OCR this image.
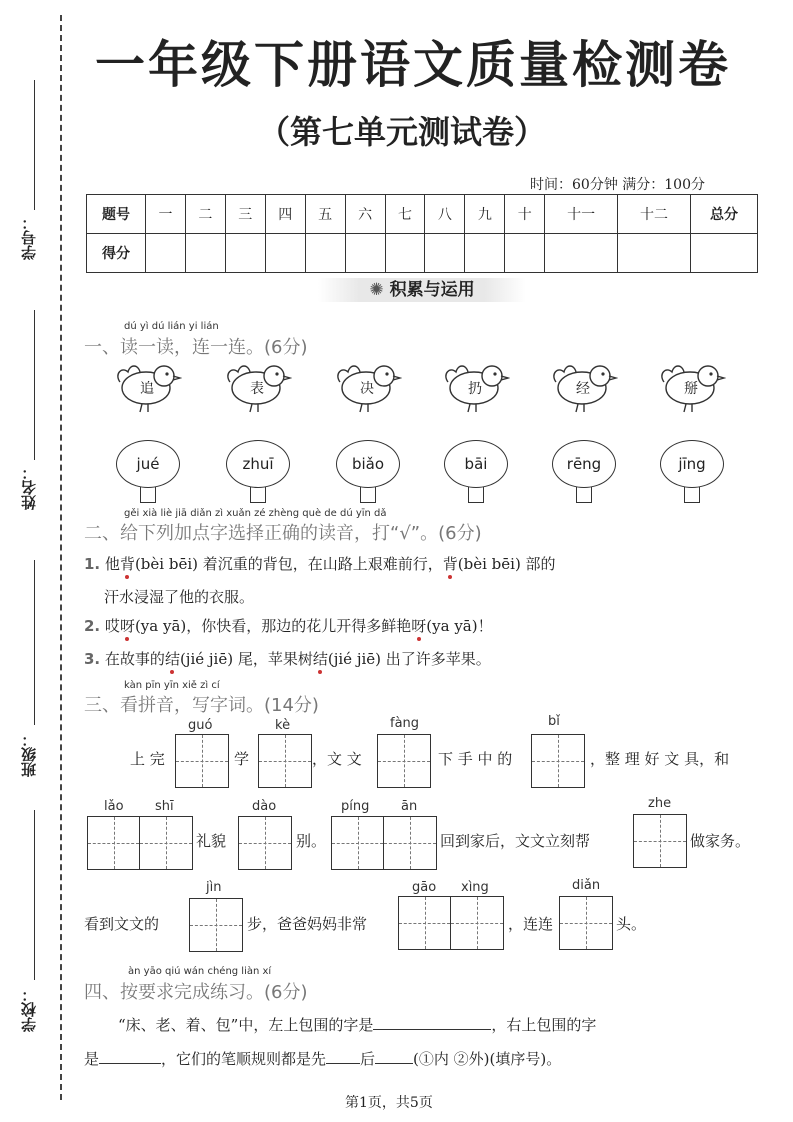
学号：
姓名：
班级：
学校：
一年级下册语文质量检测卷
（第七单元测试卷）
时间：60分钟 满分：100分
题号	一	二	三	四	五	六	七	八	九	十	十一	十二	总分
得分													
✺ 积累与运用
dú yì dú lián yi lián
一、读一读，连一连。(6分)
追	表	决	扔	经	掰
jué	zhuī	biǎo	bāi	rēng	jīng
gěi xià liè jiā diǎn zì xuǎn zé zhèng què de dú yīn dǎ
二、给下列加点字选择正确的读音，打“√”。(6分)
1. 他背(bèi bēi) 着沉重的背包，在山路上艰难前行，背(bèi bēi) 部的
汗水浸湿了他的衣服。
2. 哎呀(ya yā)，你快看，那边的花儿开得多鲜艳呀(ya yā)！
3. 在故事的结(jié jiē) 尾，苹果树结(jié jiē) 出了许多苹果。
kàn pīn yīn xiě zì cí
三、看拼音，写字词。(14分)
guó	kè	fàng	bǐ
上 完	学	，文 文	下 手 中 的	，整 理 好 文 具，和
lǎo shī	dào	píng ān	zhe
礼貌	别。	回到家后，文文立刻帮	做家务。
jìn	gāo xìng	diǎn
看到文文的	步，爸爸妈妈非常	，连连	头。
àn yāo qiú wán chéng liàn xí
四、按要求完成练习。(6分)
“床、老、着、包”中，左上包围的字是	，右上包围的字
是	，它们的笔顺规则都是先 后	(①内 ②外)(填序号)。
第1页，共5页
